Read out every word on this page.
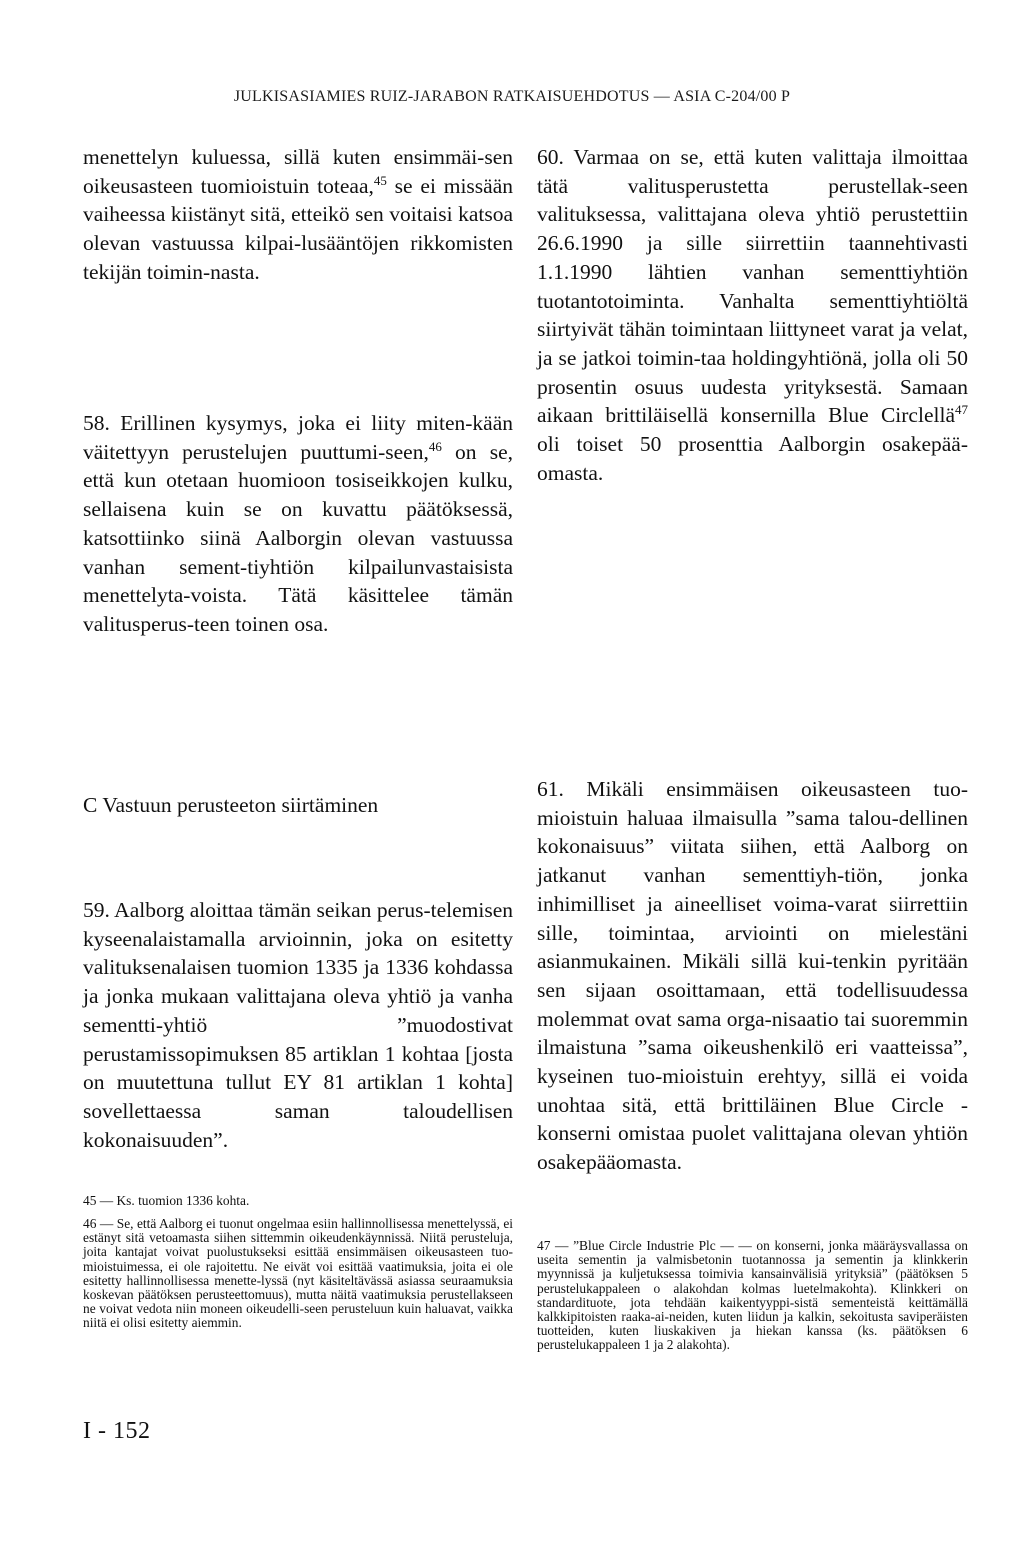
JULKISASIAMIES RUIZ-JARABON RATKAISUEHDOTUS — ASIA C-204/00 P

menettelyn kuluessa, sillä kuten ensimmäi-sen oikeusasteen tuomioistuin toteaa,$^{45}$ se ei missään vaiheessa kiistänyt sitä, etteikö sen voitaisi katsoa olevan vastuussa kilpai-lusääntöjen rikkomisten tekijän toimin-nasta.

58. Erillinen kysymys, joka ei liity miten-kään väitettyyn perustelujen puuttumi-seen,$^{46}$ on se, että kun otetaan huomioon tosiseikkojen kulku, sellaisena kuin se on kuvattu päätöksessä, katsottiinko siinä Aalborgin olevan vastuussa vanhan sement-tiyhtiön kilpailunvastaisista menettelyta-voista. Tätä käsittelee tämän valitusperus-teen toinen osa.

60. Varmaa on se, että kuten valittaja ilmoittaa tätä valitusperustetta perustellak-seen valituksessa, valittajana oleva yhtiö perustettiin 26.6.1990 ja sille siirrettiin taannehtivasti 1.1.1990 lähtien vanhan sementtiyhtiön tuotantotoiminta. Vanhalta sementtiyhtiöltä siirtyivät tähän toimintaan liittyneet varat ja velat, ja se jatkoi toimin-taa holdingyhtiönä, jolla oli 50 prosentin osuus uudesta yrityksestä. Samaan aikaan brittiläisellä konsernilla Blue Circlellä$^{47}$ oli toiset 50 prosenttia Aalborgin osakepää-omasta.

C Vastuun perusteeton siirtäminen

59. Aalborg aloittaa tämän seikan perus-telemisen kyseenalaistamalla arvioinnin, joka on esitetty valituksenalaisen tuomion 1335 ja 1336 kohdassa ja jonka mukaan valittajana oleva yhtiö ja vanha sementti-yhtiö ”muodostivat perustamissopimuksen 85 artiklan 1 kohtaa [josta on muutettuna tullut EY 81 artiklan 1 kohta] sovellettaessa saman taloudellisen kokonaisuuden”.

61. Mikäli ensimmäisen oikeusasteen tuo-mioistuin haluaa ilmaisulla ”sama talou-dellinen kokonaisuus” viitata siihen, että Aalborg on jatkanut vanhan sementtiyh-tiön, jonka inhimilliset ja aineelliset voima-varat siirrettiin sille, toimintaa, arviointi on mielestäni asianmukainen. Mikäli sillä kui-tenkin pyritään sen sijaan osoittamaan, että todellisuudessa molemmat ovat sama orga-nisaatio tai suoremmin ilmaistuna ”sama oikeushenkilö eri vaatteissa”, kyseinen tuo-mioistuin erehtyy, sillä ei voida unohtaa sitä, että brittiläinen Blue Circle -konserni omistaa puolet valittajana olevan yhtiön osakepääomasta.

45 — Ks. tuomion 1336 kohta.
46 — Se, että Aalborg ei tuonut ongelmaa esiin hallinnollisessa menettelyssä, ei estänyt sitä vetoamasta siihen sittemmin oikeudenkäynnissä. Niitä perusteluja, joita kantajat voivat puolustukseksi esittää ensimmäisen oikeusasteen tuo-mioistuimessa, ei ole rajoitettu. Ne eivät voi esittää vaatimuksia, joita ei ole esitetty hallinnollisessa menette-lyssä (nyt käsiteltävässä asiassa seuraamuksia koskevan päätöksen perusteettomuus), mutta näitä vaatimuksia perustellakseen ne voivat vedota niin moneen oikeudelli-seen perusteluun kuin haluavat, vaikka niitä ei olisi esitetty aiemmin.
47 — ”Blue Circle Industrie Plc — — on konserni, jonka määräysvallassa on useita sementin ja valmisbetonin tuotannossa ja sementin ja klinkkerin myynnissä ja kuljetuksessa toimivia kansainvälisiä yrityksiä” (päätöksen 5 perustelukappaleen o alakohdan kolmas luetelmakohta). Klinkkeri on standardituote, jota tehdään kaikentyyppi-sistä sementeistä keittämällä kalkkipitoisten raaka-ai-neiden, kuten liidun ja kalkin, sekoitusta saviperäisten tuotteiden, kuten liuskakiven ja hiekan kanssa (ks. päätöksen 6 perustelukappaleen 1 ja 2 alakohta).
I - 152
